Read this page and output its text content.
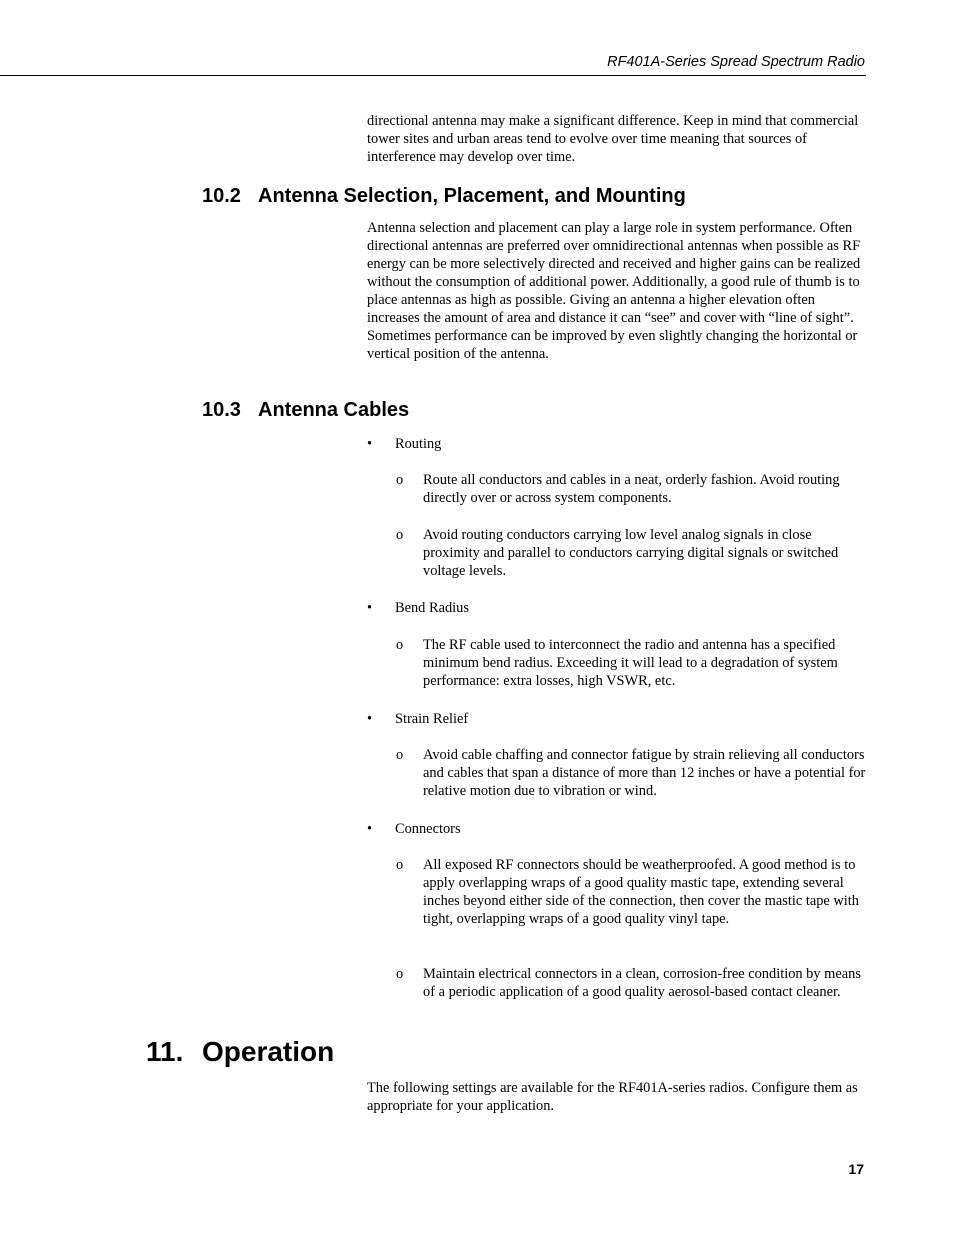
RF401A-Series Spread Spectrum Radio

directional antenna may make a significant difference. Keep in mind that commercial tower sites and urban areas tend to evolve over time meaning that sources of interference may develop over time.

10.2 Antenna Selection, Placement, and Mounting

Antenna selection and placement can play a large role in system performance. Often directional antennas are preferred over omnidirectional antennas when possible as RF energy can be more selectively directed and received and higher gains can be realized without the consumption of additional power. Additionally, a good rule of thumb is to place antennas as high as possible. Giving an antenna a higher elevation often increases the amount of area and distance it can “see” and cover with “line of sight”. Sometimes performance can be improved by even slightly changing the horizontal or vertical position of the antenna.

10.3 Antenna Cables
• Routing
o Route all conductors and cables in a neat, orderly fashion. Avoid routing directly over or across system components.
o Avoid routing conductors carrying low level analog signals in close proximity and parallel to conductors carrying digital signals or switched voltage levels.
• Bend Radius
o The RF cable used to interconnect the radio and antenna has a specified minimum bend radius. Exceeding it will lead to a degradation of system performance: extra losses, high VSWR, etc.
• Strain Relief
o Avoid cable chaffing and connector fatigue by strain relieving all conductors and cables that span a distance of more than 12 inches or have a potential for relative motion due to vibration or wind.
• Connectors
o All exposed RF connectors should be weatherproofed. A good method is to apply overlapping wraps of a good quality mastic tape, extending several inches beyond either side of the connection, then cover the mastic tape with tight, overlapping wraps of a good quality vinyl tape.
o Maintain electrical connectors in a clean, corrosion-free condition by means of a periodic application of a good quality aerosol-based contact cleaner.
11. Operation

The following settings are available for the RF401A-series radios. Configure them as appropriate for your application.

17
